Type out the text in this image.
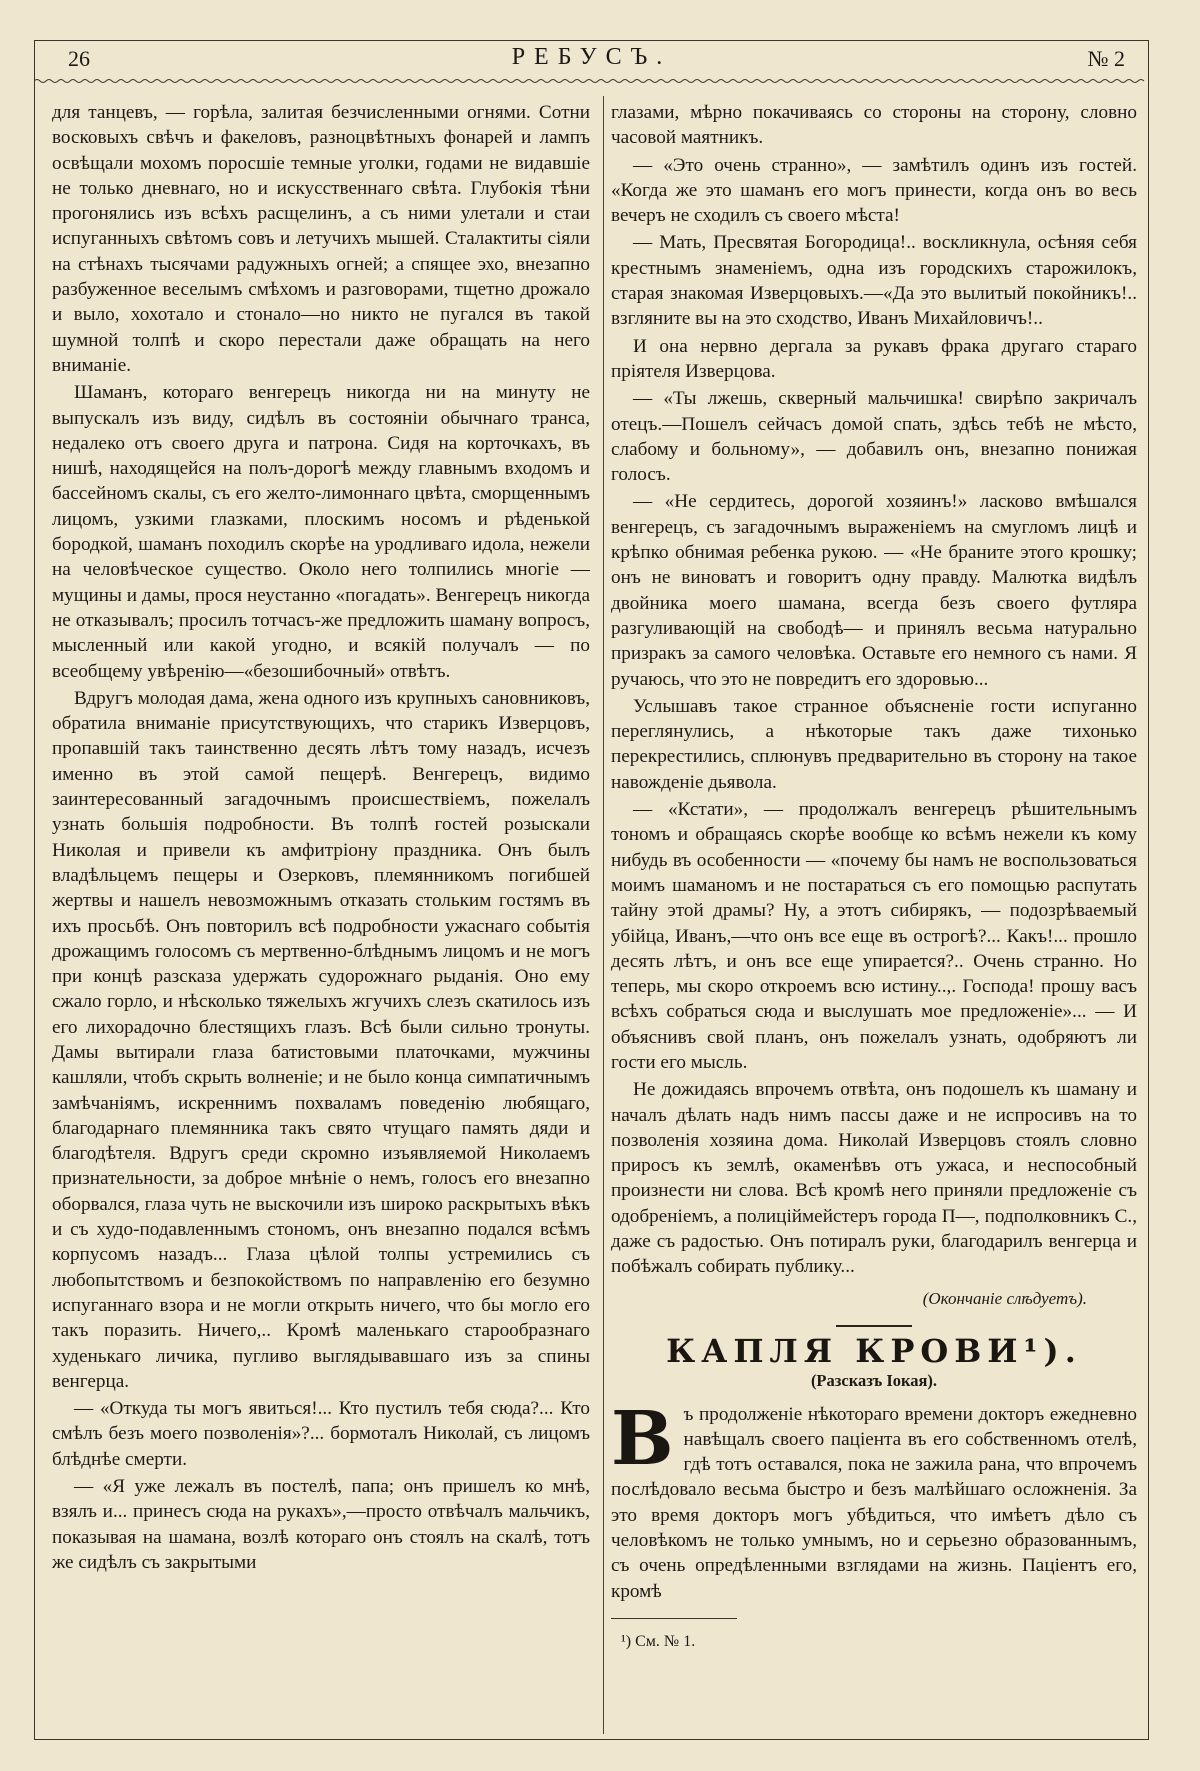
26	РЕБУСЪ.	№ 2

для танцевъ, — горѣла, залитая безчисленными огнями. Сотни восковыхъ свѣчъ и факеловъ, разноцвѣтныхъ фонарей и лампъ освѣщали мохомъ поросшіе темные уголки, годами не видавшіе не только дневнаго, но и искусственнаго свѣта. Глубокія тѣни прогонялись изъ всѣхъ расщелинъ, а съ ними улетали и стаи испуганныхъ свѣтомъ совъ и летучихъ мышей. Сталактиты сіяли на стѣнахъ тысячами радужныхъ огней; а спящее эхо, внезапно разбуженное веселымъ смѣхомъ и разговорами, тщетно дрожало и выло, хохотало и стонало—но никто не пугался въ такой шумной толпѣ и скоро перестали даже обращать на него вниманіе.

Шаманъ, котораго венгерецъ никогда ни на минуту не выпускалъ изъ виду, сидѣлъ въ состояніи обычнаго транса, недалеко отъ своего друга и патрона. Сидя на корточкахъ, въ нишѣ, находящейся на полъ-дорогѣ между главнымъ входомъ и бассейномъ скалы, съ его желто-лимоннаго цвѣта, сморщеннымъ лицомъ, узкими глазками, плоскимъ носомъ и рѣденькой бородкой, шаманъ походилъ скорѣе на уродливаго идола, нежели на человѣческое существо. Около него толпились многіе — мущины и дамы, прося неустанно «погадать». Венгерецъ никогда не отказывалъ; просилъ тотчасъ-же предложить шаману вопросъ, мысленный или какой угодно, и всякій получалъ — по всеобщему увѣренію—«безошибочный» отвѣтъ.

Вдругъ молодая дама, жена одного изъ крупныхъ сановниковъ, обратила вниманіе присутствующихъ, что старикъ Изверцовъ, пропавшій такъ таинственно десять лѣтъ тому назадъ, исчезъ именно въ этой самой пещерѣ. Венгерецъ, видимо заинтересованный загадочнымъ происшествіемъ, пожелалъ узнать большія подробности. Въ толпѣ гостей розыскали Николая и привели къ амфитріону праздника. Онъ былъ владѣльцемъ пещеры и Озерковъ, племянникомъ погибшей жертвы и нашелъ невозможнымъ отказать стольким гостямъ въ ихъ просьбѣ. Онъ повторилъ всѣ подробности ужаснаго событія дрожащимъ голосомъ съ мертвенно-блѣднымъ лицомъ и не могъ при концѣ разсказа удержать судорожнаго рыданія. Оно ему сжало горло, и нѣсколько тяжелыхъ жгучихъ слезъ скатилось изъ его лихорадочно блестящихъ глазъ. Всѣ были сильно тронуты. Дамы вытирали глаза батистовыми платочками, мужчины кашляли, чтобъ скрыть волненіе; и не было конца симпатичнымъ замѣчаніямъ, искреннимъ похваламъ поведенію любящаго, благодарнаго племянника такъ свято чтущаго память дяди и благодѣтеля. Вдругъ среди скромно изъявляемой Николаемъ признательности, за доброе мнѣніе о немъ, голосъ его внезапно оборвался, глаза чуть не выскочили изъ широко раскрытыхъ вѣкъ и съ худо-подавленнымъ стономъ, онъ внезапно подался всѣмъ корпусомъ назадъ... Глаза цѣлой толпы устремились съ любопытствомъ и безпокойствомъ по направленію его безумно испуганнаго взора и не могли открыть ничего, что бы могло его такъ поразить. Ничего,.. Кромѣ маленькаго старообразнаго худенькаго личика, пугливо выглядывавшаго изъ за спины венгерца.

— «Откуда ты могъ явиться!... Кто пустилъ тебя сюда?... Кто смѣлъ безъ моего позволенія»?... бормоталъ Николай, съ лицомъ блѣднѣе смерти.

— «Я уже лежалъ въ постелѣ, папа; онъ пришелъ ко мнѣ, взялъ и... принесъ сюда на рукахъ»,—просто отвѣчалъ мальчикъ, показывая на шамана, возлѣ котораго онъ стоялъ на скалѣ, тотъ же сидѣлъ съ закрытыми

глазами, мѣрно покачиваясь со стороны на сторону, словно часовой маятникъ.

— «Это очень странно», — замѣтилъ одинъ изъ гостей. «Когда же это шаманъ его могъ принести, когда онъ во весь вечеръ не сходилъ съ своего мѣста!

— Мать, Пресвятая Богородица!.. воскликнула, осѣняя себя крестнымъ знаменіемъ, одна изъ городскихъ старожилокъ, старая знакомая Изверцовыхъ.—«Да это вылитый покойникъ!.. взгляните вы на это сходство, Иванъ Михайловичъ!..

И она нервно дергала за рукавъ фрака другаго стараго пріятеля Изверцова.

— «Ты лжешь, скверный мальчишка! свирѣпо закричалъ отецъ.—Пошелъ сейчасъ домой спать, здѣсь тебѣ не мѣсто, слабому и больному», — добавилъ онъ, внезапно понижая голосъ.

— «Не сердитесь, дорогой хозяинъ!» ласково вмѣшался венгерецъ, съ загадочнымъ выраженіемъ на смугломъ лицѣ и крѣпко обнимая ребенка рукою. — «Не браните этого крошку; онъ не виноватъ и говоритъ одну правду. Малютка видѣлъ двойника моего шамана, всегда безъ своего футляра разгуливающій на свободѣ— и принялъ весьма натурально призракъ за самого человѣка. Оставьте его немного съ нами. Я ручаюсь, что это не повредитъ его здоровью...

Услышавъ такое странное объясненіе гости испуганно переглянулись, а нѣкоторые такъ даже тихонько перекрестились, сплюнувъ предварительно въ сторону на такое навожденіе дьявола.

— «Кстати», — продолжалъ венгерецъ рѣшительнымъ тономъ и обращаясь скорѣе вообще ко всѣмъ нежели къ кому нибудь въ особенности — «почему бы намъ не воспользоваться моимъ шаманомъ и не постараться съ его помощью распутать тайну этой драмы? Ну, а этотъ сибирякъ, — подозрѣваемый убійца, Иванъ,—что онъ все еще въ острогѣ?... Какъ!... прошло десять лѣтъ, и онъ все еще упирается?.. Очень странно. Но теперь, мы скоро откроемъ всю истину..,. Господа! прошу васъ всѣхъ собраться сюда и выслушать мое предложеніе»... — И объяснивъ свой планъ, онъ пожелалъ узнать, одобряютъ ли гости его мысль.

Не дожидаясь впрочемъ отвѣта, онъ подошелъ къ шаману и началъ дѣлать надъ нимъ пассы даже и не испросивъ на то позволенія хозяина дома. Николай Изверцовъ стоялъ словно приросъ къ землѣ, окаменѣвъ отъ ужаса, и неспособный произнести ни слова. Всѣ кромѣ него приняли предложеніе съ одобреніемъ, а полицiймейстеръ города П—, подполковникъ С., даже съ радостью. Онъ потиралъ руки, благодарилъ венгерца и побѣжалъ собирать публику...

(Окончаніе слѣдуетъ).
КАПЛЯ КРОВИ¹).
(Разсказъ Іокая).

Въ продолженіе нѣкотораго времени докторъ ежедневно навѣщалъ своего пацiента въ его собственномъ отелѣ, гдѣ тотъ оставался, пока не зажила рана, что впрочемъ послѣдовало весьма быстро и безъ малѣйшаго осложненія. За это время докторъ могъ убѣдиться, что имѣетъ дѣло съ человѣкомъ не только умнымъ, но и серьезно образованнымъ, съ очень опредѣленными взглядами на жизнь. Пацiентъ его, кромѣ

¹) См. № 1.
